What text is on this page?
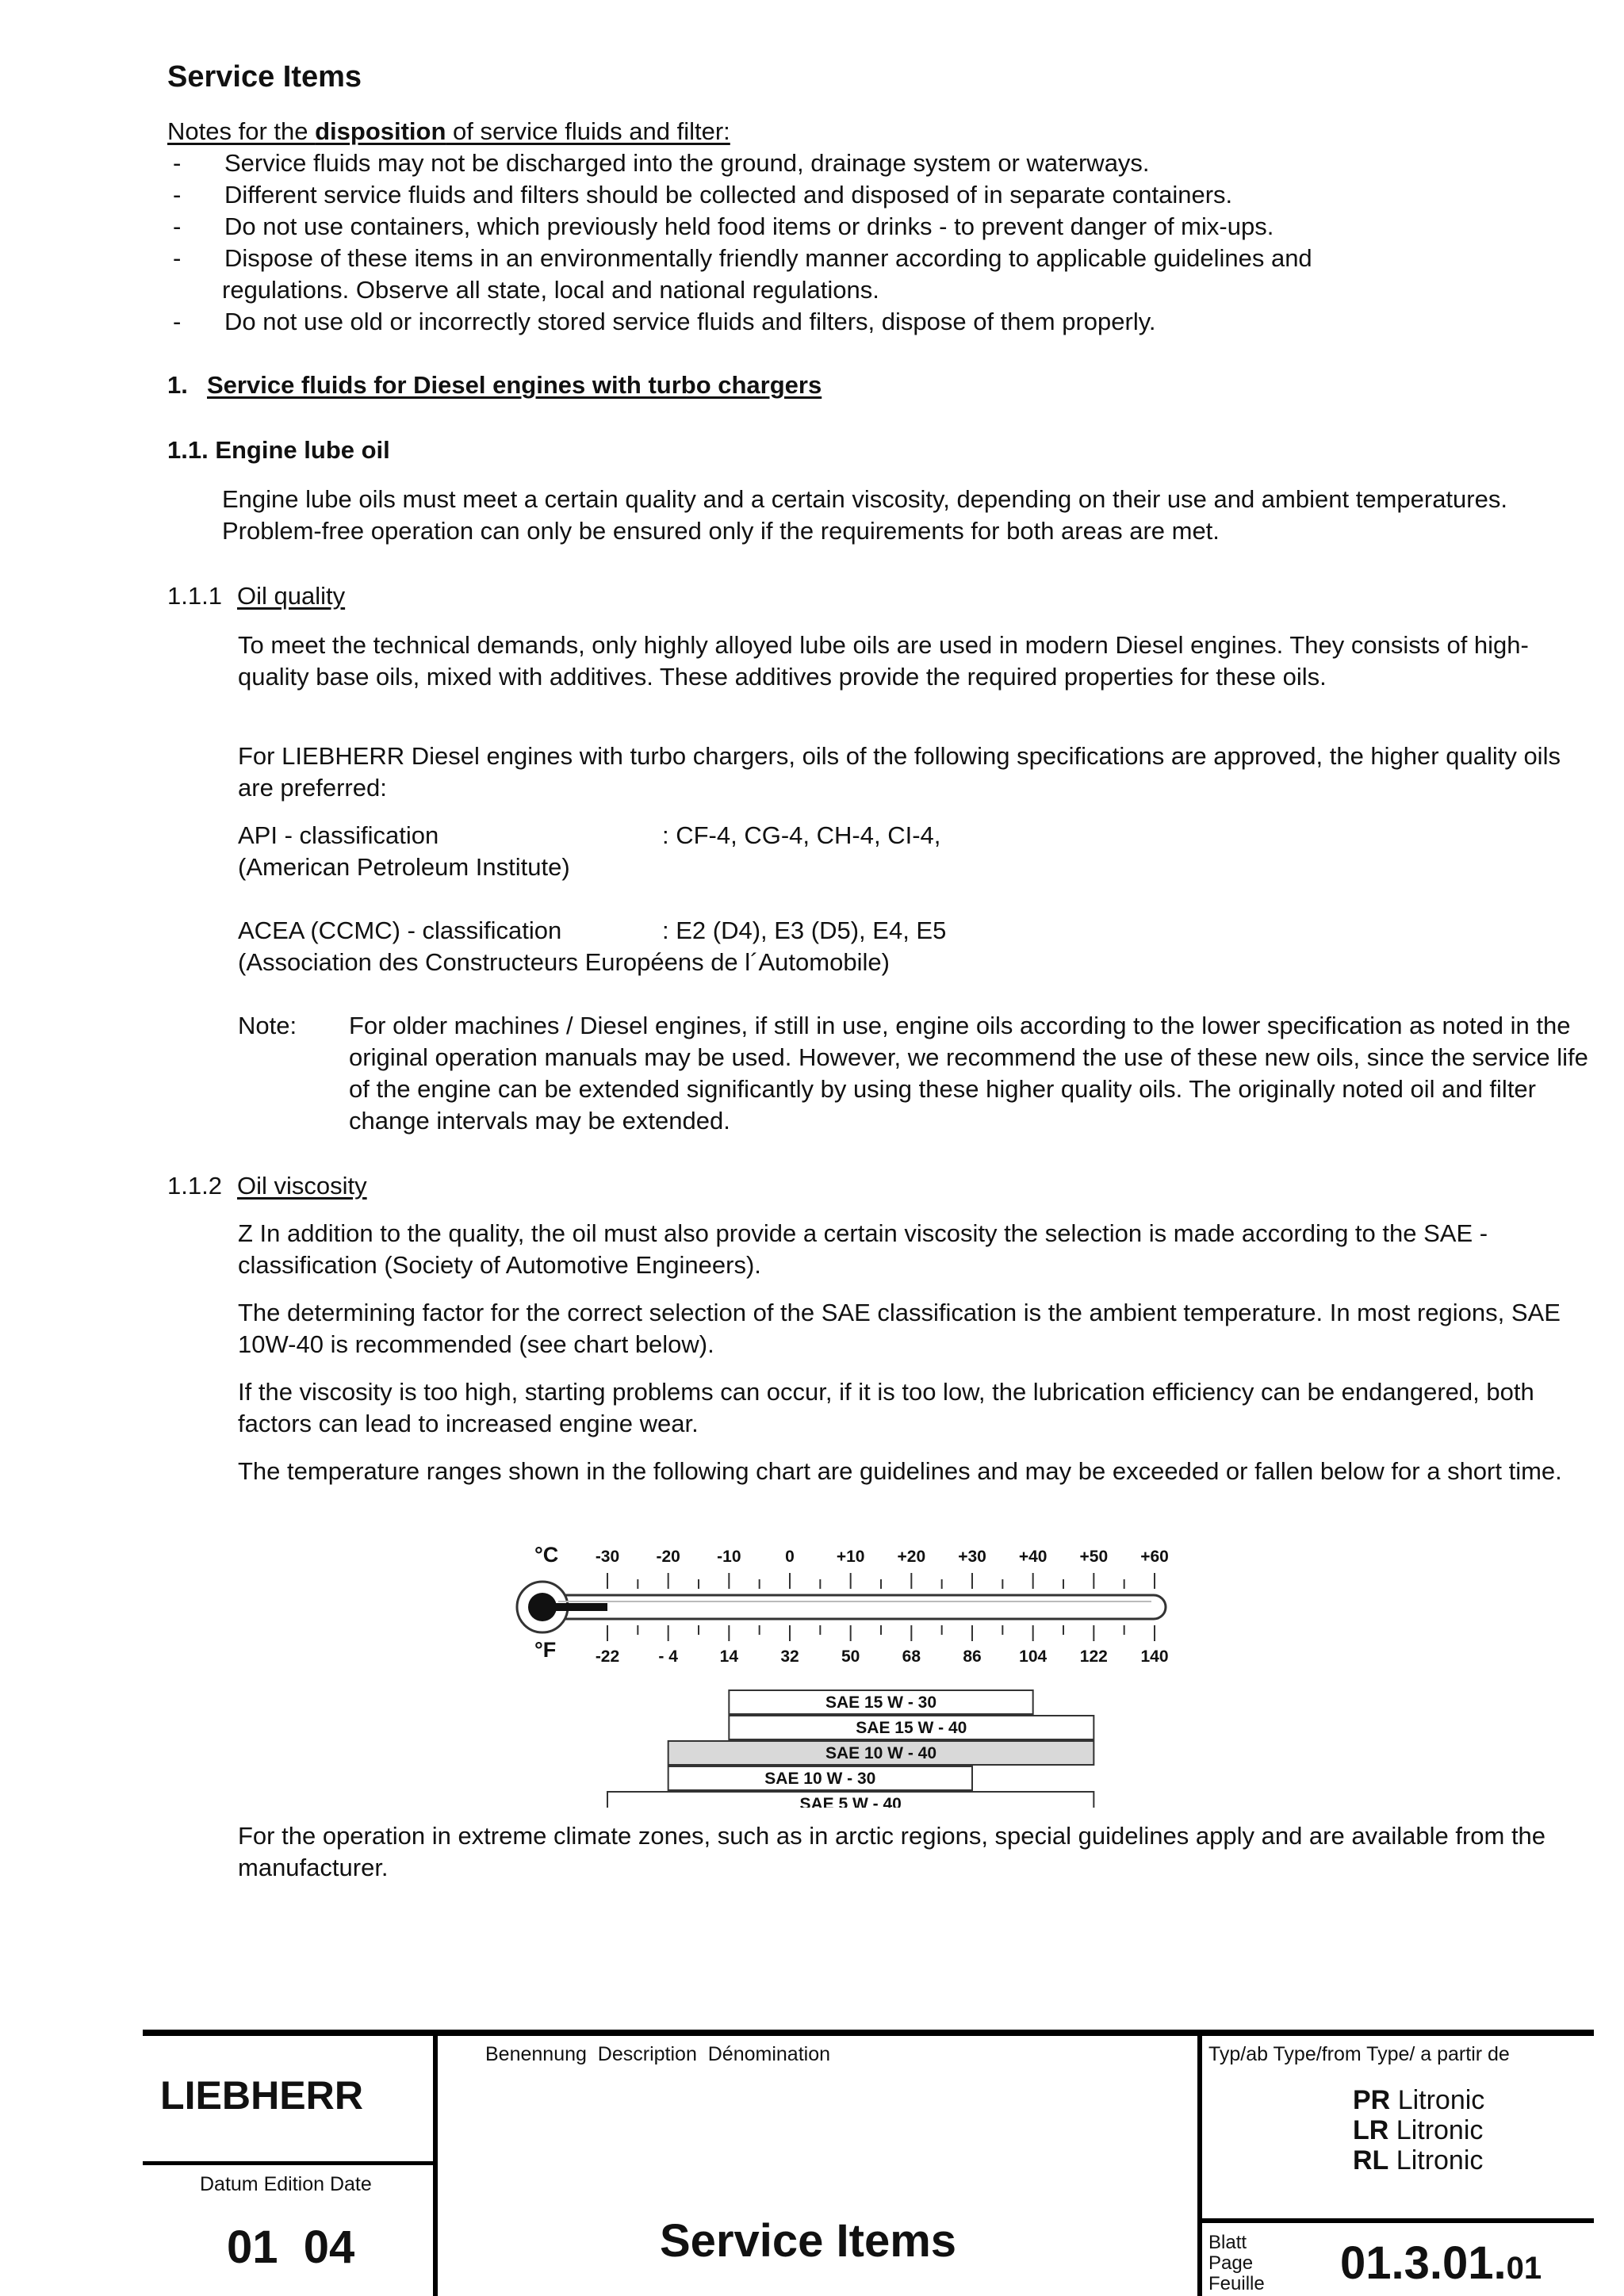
Service Items
Notes for the disposition of service fluids and filter:
- Service fluids may not be discharged into the ground, drainage system or waterways.
- Different service fluids and filters should be collected and disposed of in separate containers.
- Do not use containers, which previously held food items or drinks - to prevent danger of mix-ups.
- Dispose of these items in an environmentally friendly manner according to applicable guidelines and
regulations. Observe all state, local and national regulations.
- Do not use old or incorrectly stored service fluids and filters, dispose of them properly.
1. Service fluids for Diesel engines with turbo chargers
1.1. Engine lube oil
Engine lube oils must meet a certain quality and a certain viscosity, depending on their use and ambient temperatures. Problem-free operation can only be ensured only if the requirements for both areas are met.
1.1.1 Oil quality
To meet the technical demands, only highly alloyed lube oils are used in modern Diesel engines. They consists of high-quality base oils, mixed with additives. These additives provide the required properties for these oils.
For LIEBHERR Diesel engines with turbo chargers, oils of the following specifications are approved, the higher quality oils are preferred:
API - classification	: CF-4, CG-4, CH-4, CI-4,
(American Petroleum Institute)
ACEA (CCMC) - classification	: E2 (D4), E3 (D5), E4, E5
(Association des Constructeurs Européens de l´Automobile)
Note: For older machines / Diesel engines, if still in use, engine oils according to the lower specification as noted in the original operation manuals may be used. However, we recommend the use of these new oils, since the service life of the engine can be extended significantly by using these higher quality oils. The originally noted oil and filter change intervals may be extended.
1.1.2 Oil viscosity
Z In addition to the quality, the oil must also provide a certain viscosity the selection is made according to the SAE - classification (Society of Automotive Engineers).
The determining factor for the correct selection of the SAE classification is the ambient temperature. In most regions, SAE 10W-40 is recommended (see chart below).
If the viscosity is too high, starting problems can occur, if it is too low, the lubrication efficiency can be endangered, both factors can lead to increased engine wear.
The temperature ranges shown in the following chart are guidelines and may be exceeded or fallen below for a short time.
°C
°F
-30
-22
-20
- 4
-10
14
0
32
+10
50
+20
68
+30
86
+40
104
+50
122
+60
140
SAE 15 W - 30
SAE 15 W - 40
SAE 10 W - 40
SAE 10 W - 30
SAE 5 W - 40
For the operation in extreme climate zones, such as in arctic regions, special guidelines apply and are available from the manufacturer.
LIEBHERR
Datum Edition Date
01  04
Benennung  Description  Dénomination
Service Items
Typ/ab Type/from Type/ a partir de
PR Litronic
LR Litronic
RL Litronic
Blatt
Page
Feuille 01.3.01.01
